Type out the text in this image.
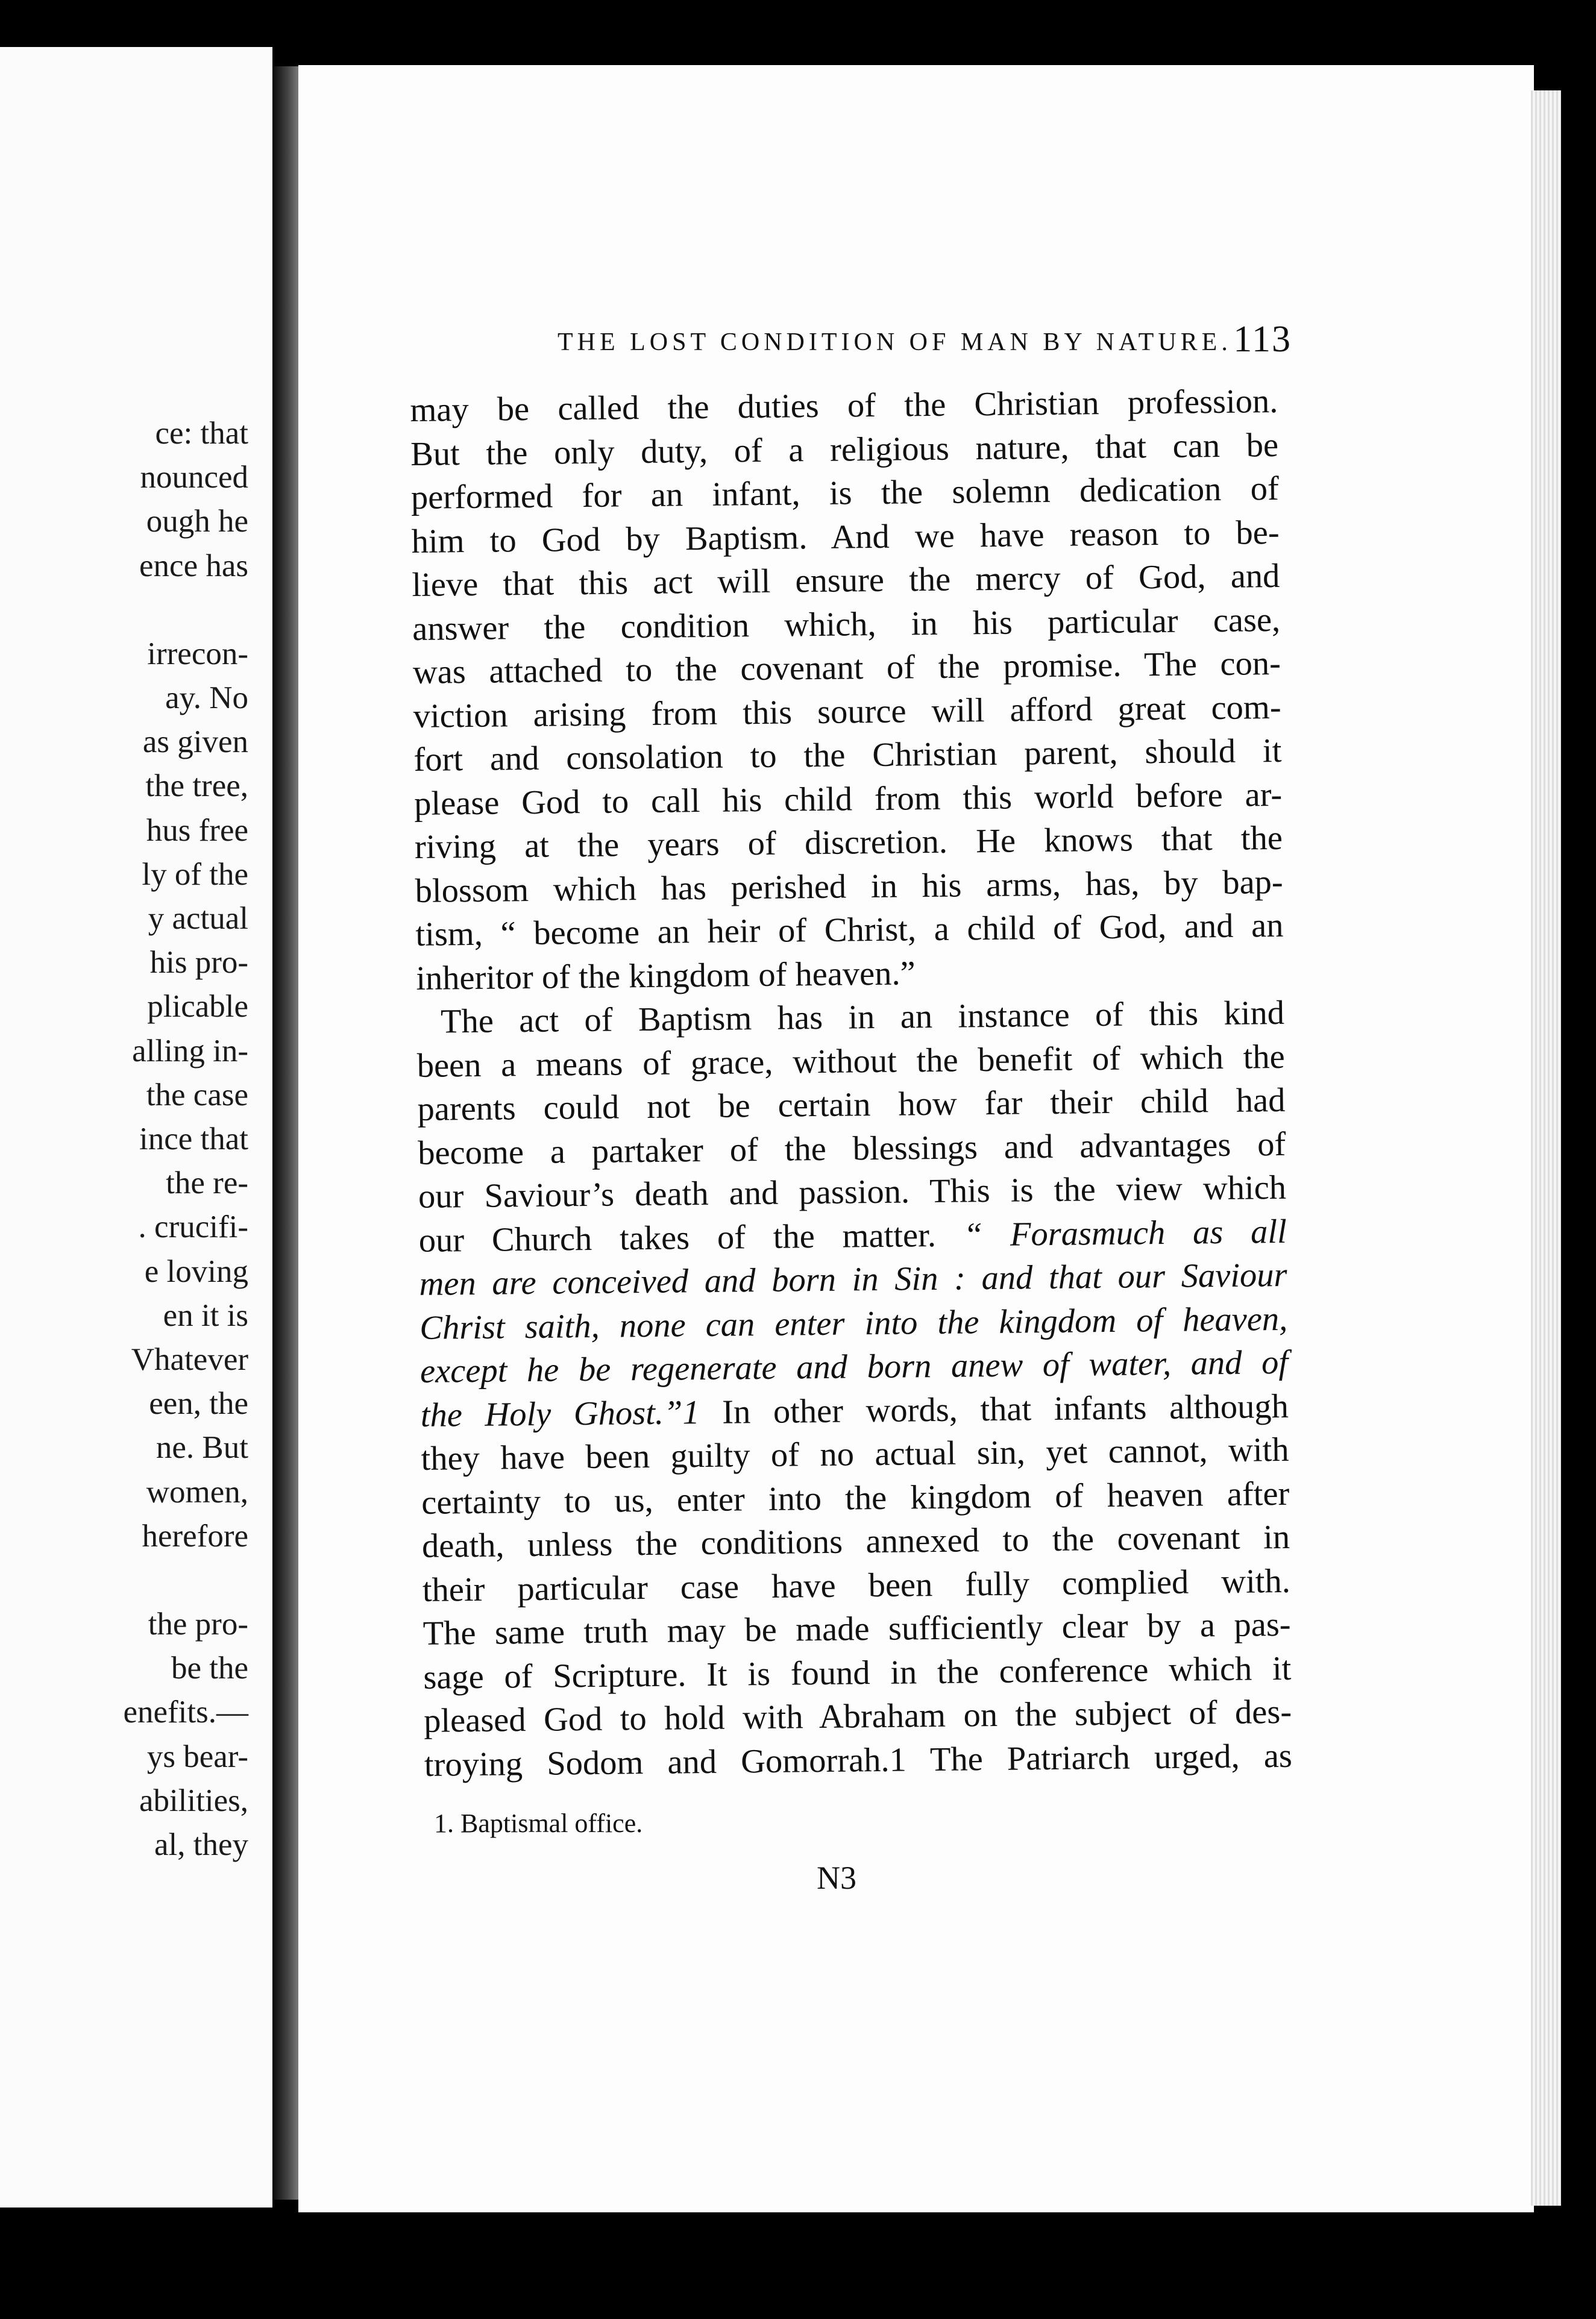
ce: that
nounced
ough he
ence has

irrecon-
ay. No
as given
the tree,
hus free
ly of the
y actual
his pro-
plicable
alling in-
the case
ince that
the re-
. crucifi-
e loving
en it is
Vhatever
een, the
ne. But
women,
herefore

the pro-
be the
enefits.—
ys bear-
abilities,
al, they
THE LOST CONDITION OF MAN BY NATURE. 113

may be called the duties of the Christian profession.
But the only duty, of a religious nature, that can be
performed for an infant, is the solemn dedication of
him to God by Baptism. And we have reason to be-
lieve that this act will ensure the mercy of God, and
answer the condition which, in his particular case,
was attached to the covenant of the promise. The con-
viction arising from this source will afford great com-
fort and consolation to the Christian parent, should it
please God to call his child from this world before ar-
riving at the years of discretion. He knows that the
blossom which has perished in his arms, has, by bap-
tism, “ become an heir of Christ, a child of God, and an
inheritor of the kingdom of heaven.”

The act of Baptism has in an instance of this kind
been a means of grace, without the benefit of which the
parents could not be certain how far their child had
become a partaker of the blessings and advantages of
our Saviour’s death and passion. This is the view which
our Church takes of the matter. “ Forasmuch as all
men are conceived and born in Sin : and that our Saviour
Christ saith, none can enter into the kingdom of heaven,
except he be regenerate and born anew of water, and of
the Holy Ghost.”1 In other words, that infants although
they have been guilty of no actual sin, yet cannot, with
certainty to us, enter into the kingdom of heaven after
death, unless the conditions annexed to the covenant in
their particular case have been fully complied with.
The same truth may be made sufficiently clear by a pas-
sage of Scripture. It is found in the conference which it
pleased God to hold with Abraham on the subject of des-
troying Sodom and Gomorrah.1 The Patriarch urged, as

1. Baptismal office.
N3
